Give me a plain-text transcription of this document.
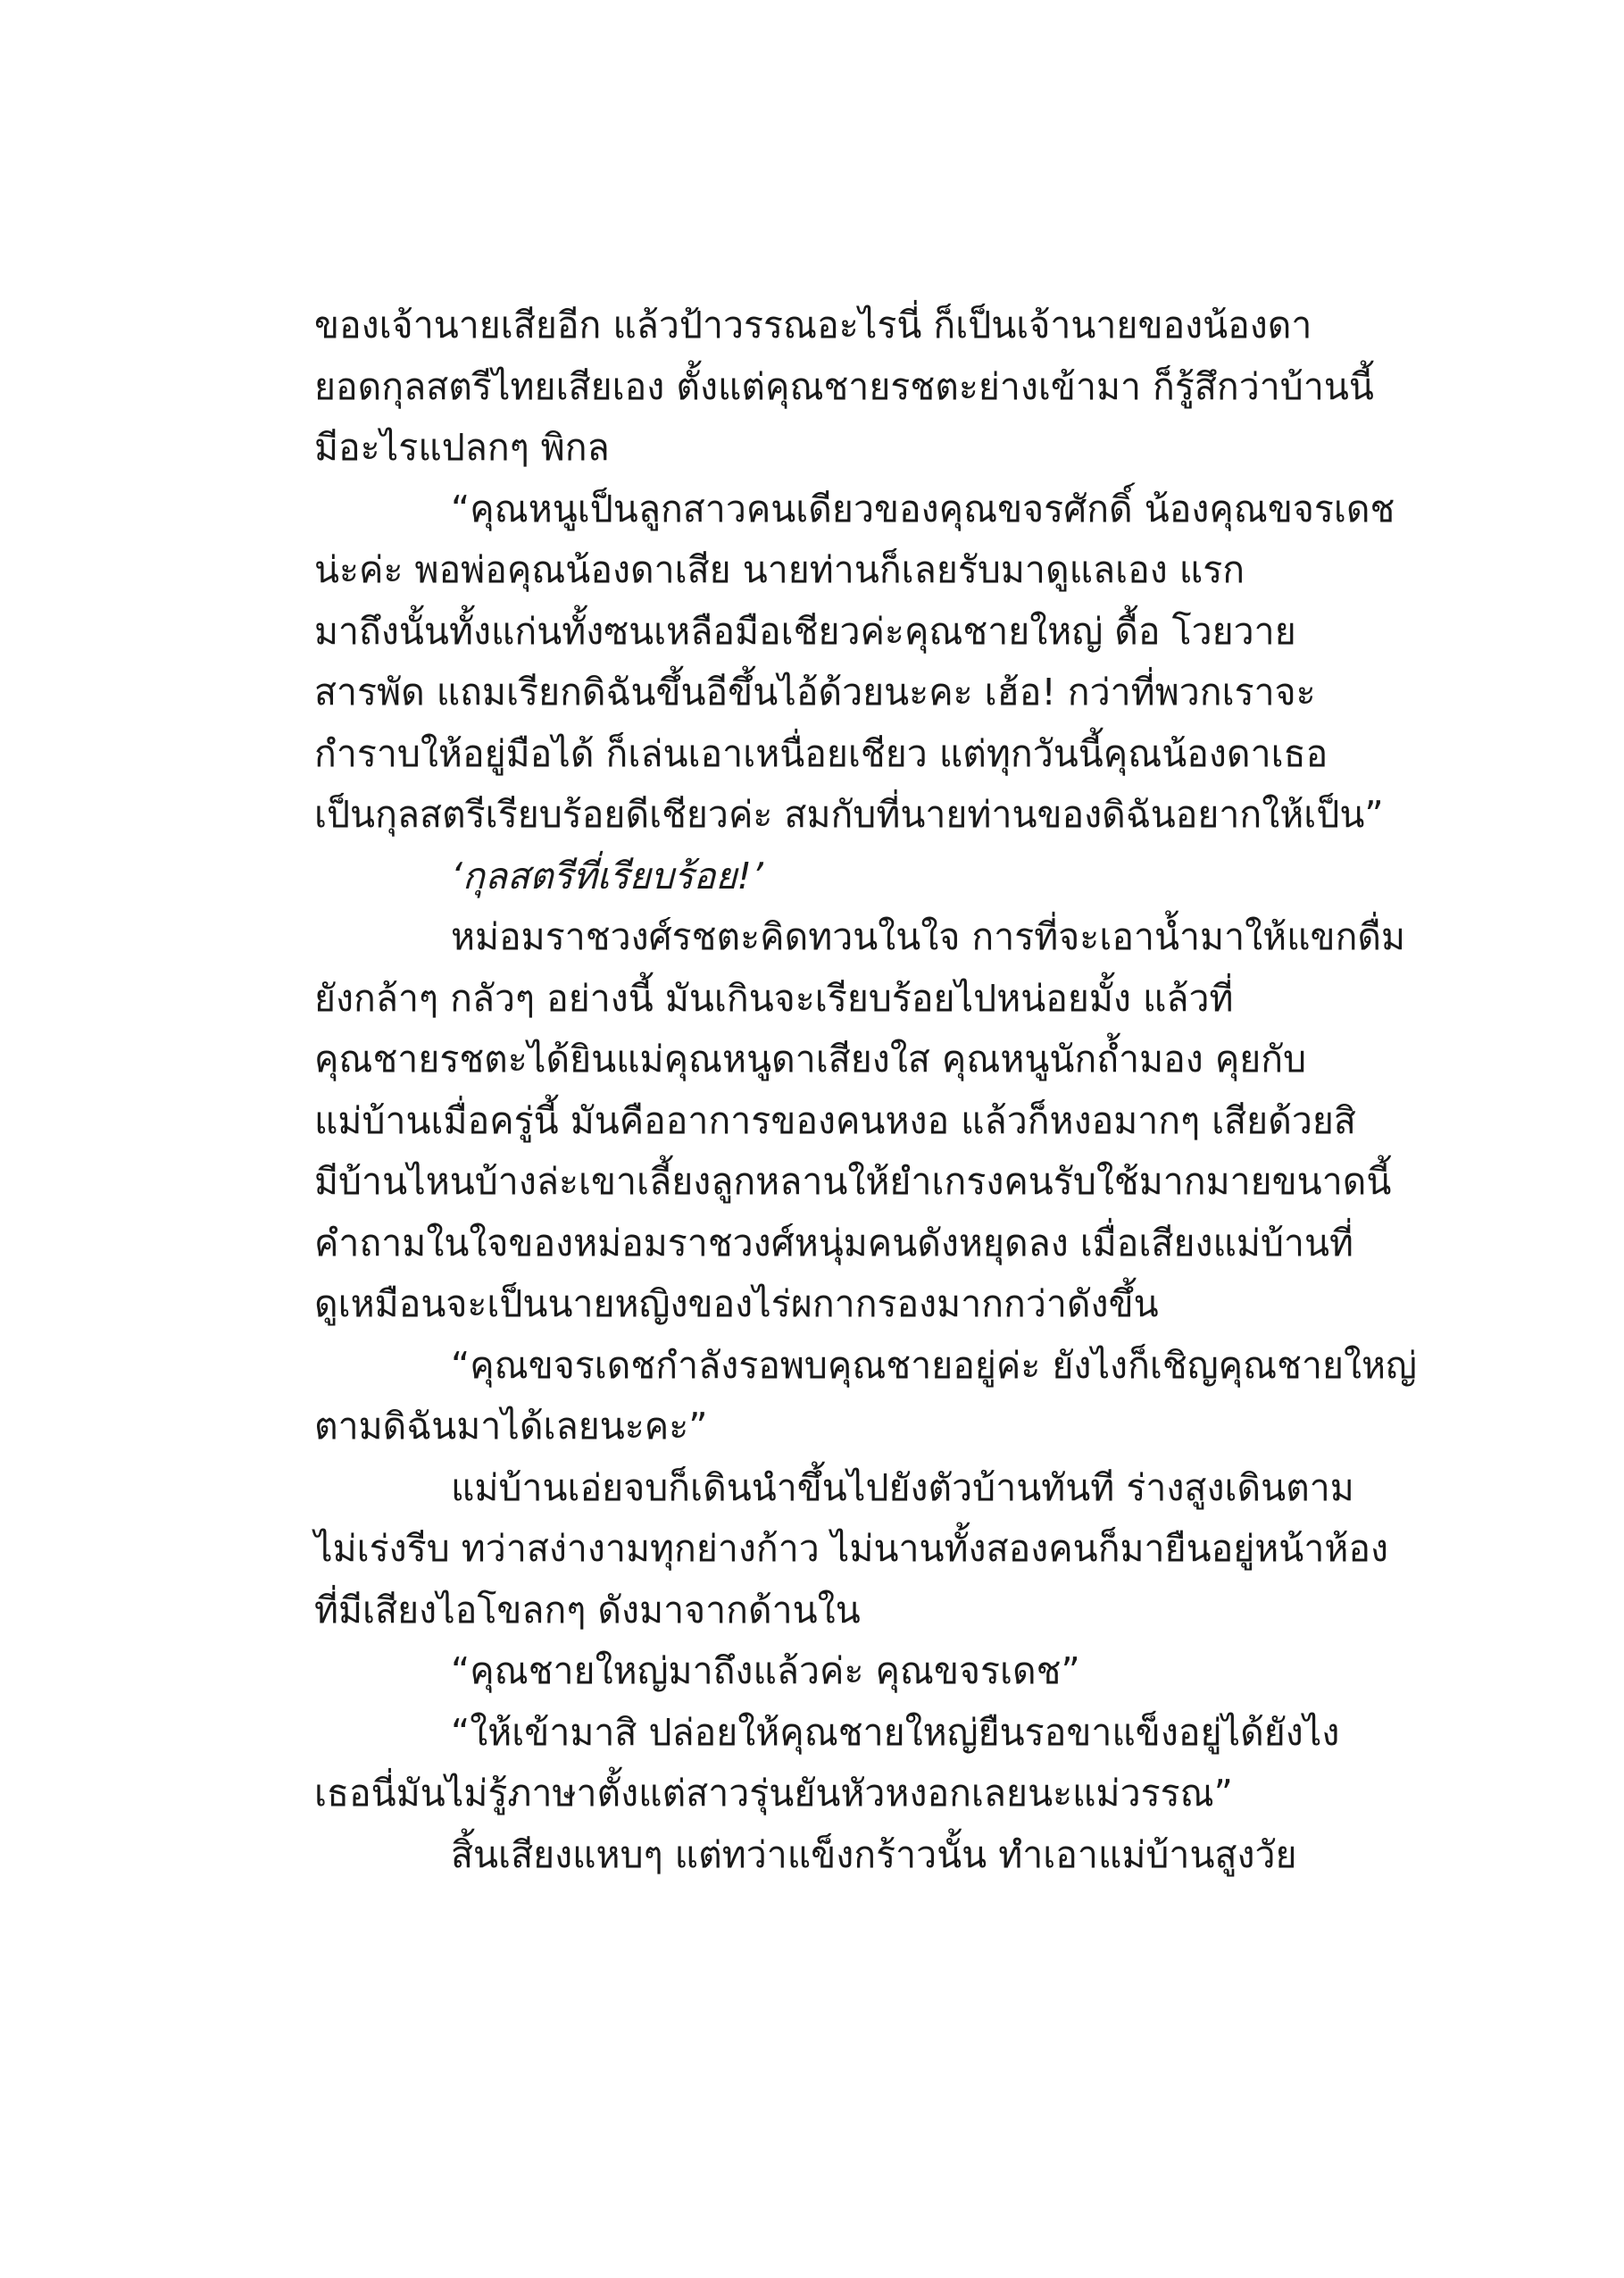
ของเจ้านายเสียอีก แล้วป้าวรรณอะไรนี่ ก็เป็นเจ้านายของน้องดา
ยอดกุลสตรีไทยเสียเอง ตั้งแต่คุณชายรชตะย่างเข้ามา ก็รู้สึกว่าบ้านนี้
มีอะไรแปลกๆ พิกล
“คุณหนูเป็นลูกสาวคนเดียวของคุณขจรศักดิ์ น้องคุณขจรเดช
น่ะค่ะ พอพ่อคุณน้องดาเสีย นายท่านก็เลยรับมาดูแลเอง แรก
มาถึงนั้นทั้งแก่นทั้งซนเหลือมือเชียวค่ะคุณชายใหญ่ ดื้อ โวยวาย
สารพัด แถมเรียกดิฉันขึ้นอีขึ้นไอ้ด้วยนะคะ เฮ้อ! กว่าที่พวกเราจะ
กำราบให้อยู่มือได้ ก็เล่นเอาเหนื่อยเชียว แต่ทุกวันนี้คุณน้องดาเธอ
เป็นกุลสตรีเรียบร้อยดีเชียวค่ะ สมกับที่นายท่านของดิฉันอยากให้เป็น”
‘กุลสตรีที่เรียบร้อย!’
หม่อมราชวงศ์รชตะคิดทวนในใจ การที่จะเอาน้ำมาให้แขกดื่ม
ยังกล้าๆ กลัวๆ อย่างนี้ มันเกินจะเรียบร้อยไปหน่อยมั้ง แล้วที่
คุณชายรชตะได้ยินแม่คุณหนูดาเสียงใส คุณหนูนักถ้ำมอง คุยกับ
แม่บ้านเมื่อครู่นี้ มันคืออาการของคนหงอ แล้วก็หงอมากๆ เสียด้วยสิ
มีบ้านไหนบ้างล่ะเขาเลี้ยงลูกหลานให้ยำเกรงคนรับใช้มากมายขนาดนี้
คำถามในใจของหม่อมราชวงศ์หนุ่มคนดังหยุดลง เมื่อเสียงแม่บ้านที่
ดูเหมือนจะเป็นนายหญิงของไร่ผกากรองมากกว่าดังขึ้น
“คุณขจรเดชกำลังรอพบคุณชายอยู่ค่ะ ยังไงก็เชิญคุณชายใหญ่
ตามดิฉันมาได้เลยนะคะ”
แม่บ้านเอ่ยจบก็เดินนำขึ้นไปยังตัวบ้านทันที ร่างสูงเดินตาม
ไม่เร่งรีบ ทว่าสง่างามทุกย่างก้าว ไม่นานทั้งสองคนก็มายืนอยู่หน้าห้อง
ที่มีเสียงไอโขลกๆ ดังมาจากด้านใน
“คุณชายใหญ่มาถึงแล้วค่ะ คุณขจรเดช”
“ให้เข้ามาสิ ปล่อยให้คุณชายใหญ่ยืนรอขาแข็งอยู่ได้ยังไง
เธอนี่มันไม่รู้ภาษาตั้งแต่สาวรุ่นยันหัวหงอกเลยนะแม่วรรณ”
สิ้นเสียงแหบๆ แต่ทว่าแข็งกร้าวนั้น ทำเอาแม่บ้านสูงวัย
